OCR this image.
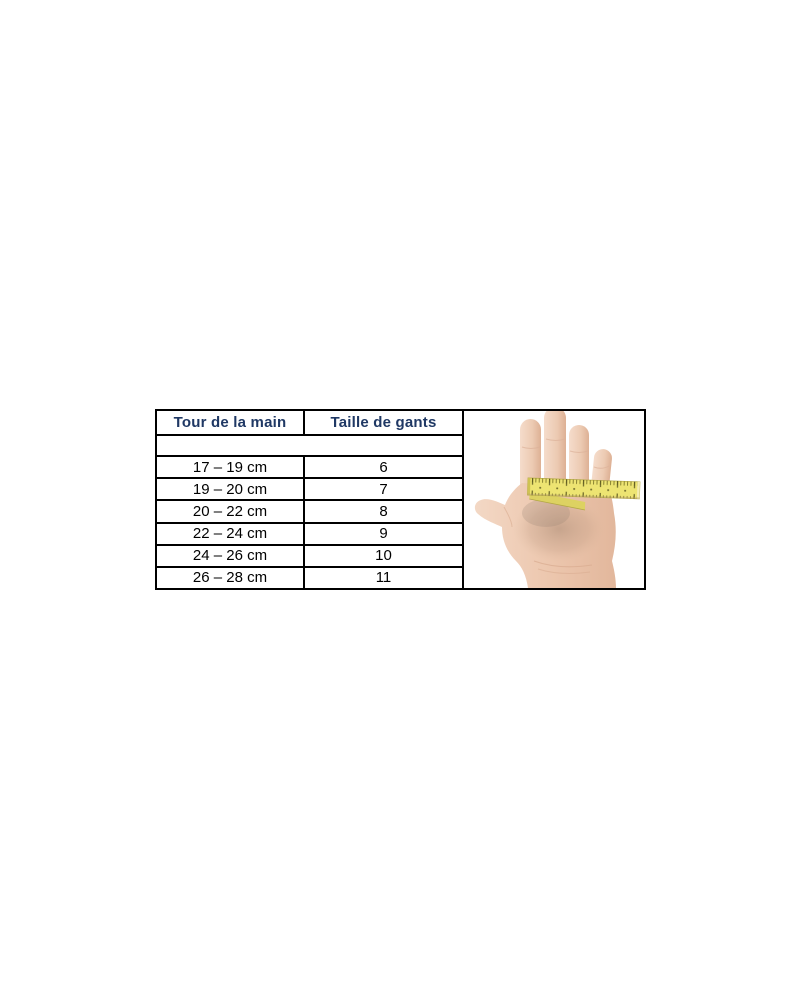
Tour de la main	Taille de gants	

17 – 19 cm	6	
19 – 20 cm	7	
20 – 22 cm	8	
22 – 24 cm	9	
24 – 26 cm	10	
26 – 28 cm	11	
